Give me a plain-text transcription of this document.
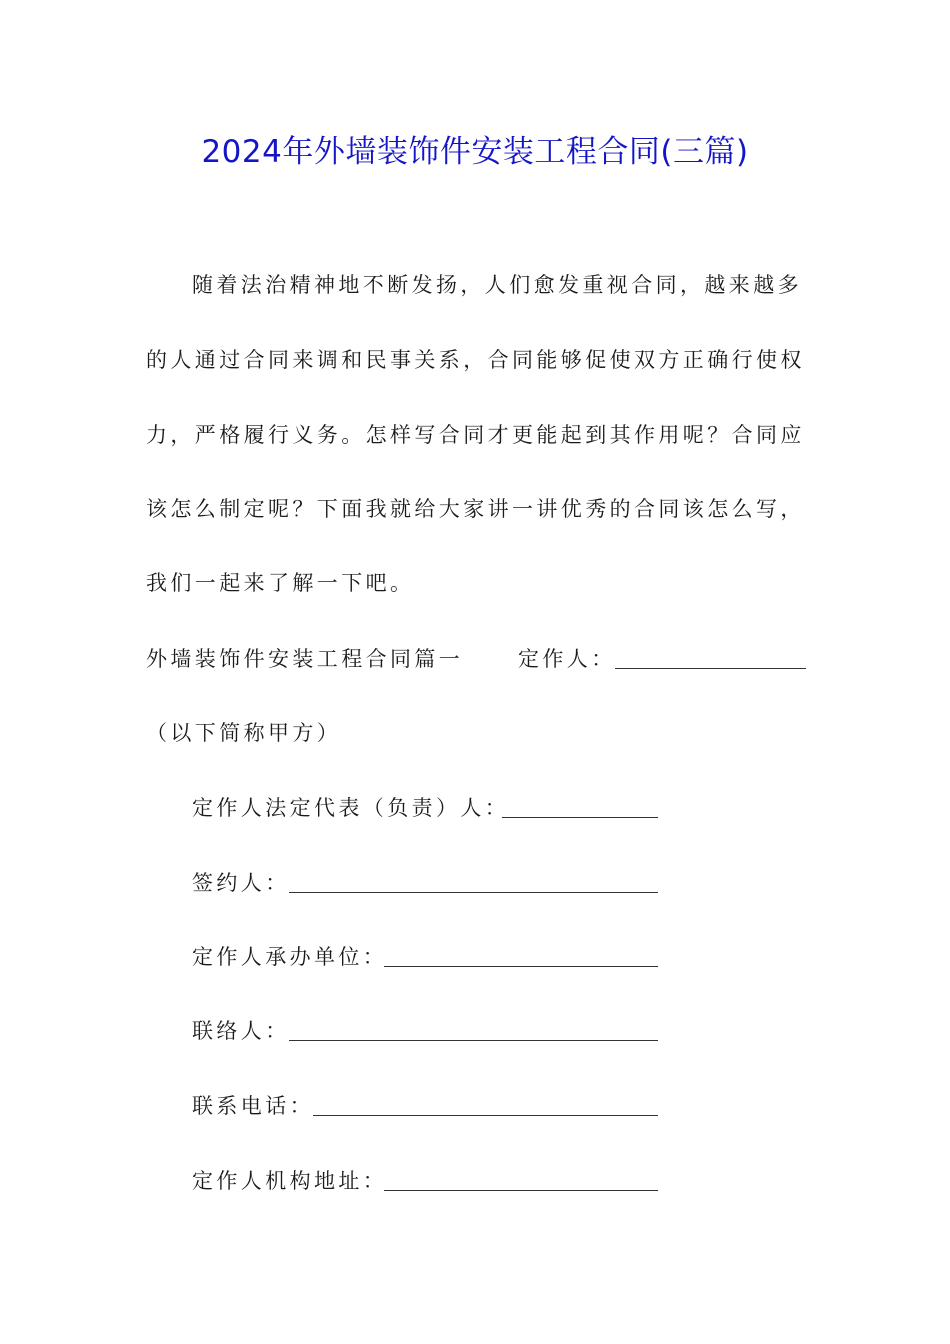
2024年外墙装饰件安装工程合同(三篇)
随着法治精神地不断发扬，人们愈发重视合同，越来越多
的人通过合同来调和民事关系，合同能够促使双方正确行使权
力，严格履行义务。怎样写合同才更能起到其作用呢？合同应
该怎么制定呢？下面我就给大家讲一讲优秀的合同该怎么写，
我们一起来了解一下吧。
外墙装饰件安装工程合同篇一	定作人：
（以下简称甲方）
定作人法定代表（负责）人：
签约人：
定作人承办单位：
联络人：
联系电话：
定作人机构地址：
